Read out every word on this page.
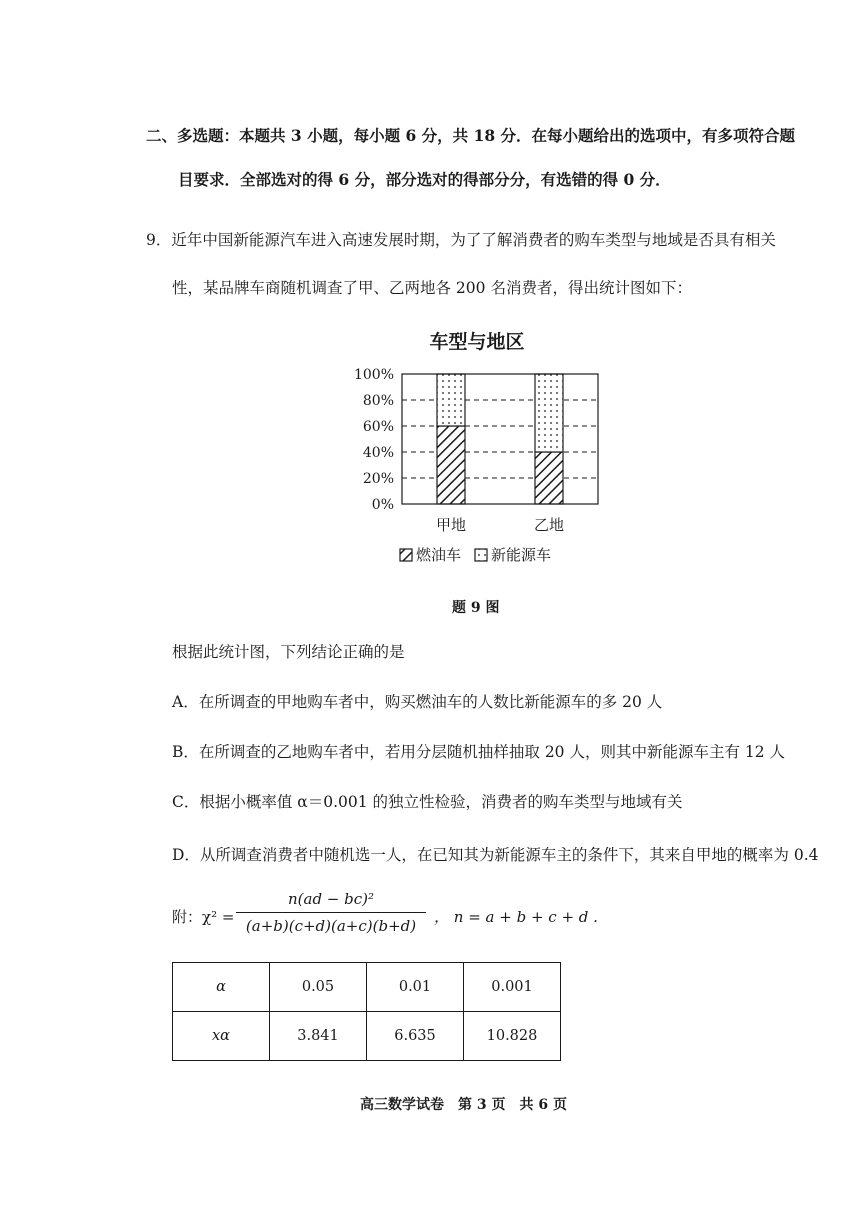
二、多选题：本题共 3 小题，每小题 6 分，共 18 分．在每小题给出的选项中，有多项符合题
目要求．全部选对的得 6 分，部分选对的得部分分，有选错的得 0 分．
9．近年中国新能源汽车进入高速发展时期，为了了解消费者的购车类型与地域是否具有相关
性，某品牌车商随机调查了甲、乙两地各 200 名消费者，得出统计图如下：
车型与地区
0%
20%
40%
60%
80%
100%
甲地	乙地
燃油车 新能源车
题 9 图
根据此统计图，下列结论正确的是
A．在所调查的甲地购车者中，购买燃油车的人数比新能源车的多 20 人
B．在所调查的乙地购车者中，若用分层随机抽样抽取 20 人，则其中新能源车主有 12 人
C．根据小概率值 α＝0.001 的独立性检验，消费者的购车类型与地域有关
D．从所调查消费者中随机选一人，在已知其为新能源车主的条件下，其来自甲地的概率为 0.4
附：χ² =
n(ad − bc)²
(a+b)(c+d)(a+c)(b+d)	， n = a + b + c + d .
α	0.05	0.01	0.001
xα	3.841	6.635	10.828
高三数学试卷　第 3 页　共 6 页
